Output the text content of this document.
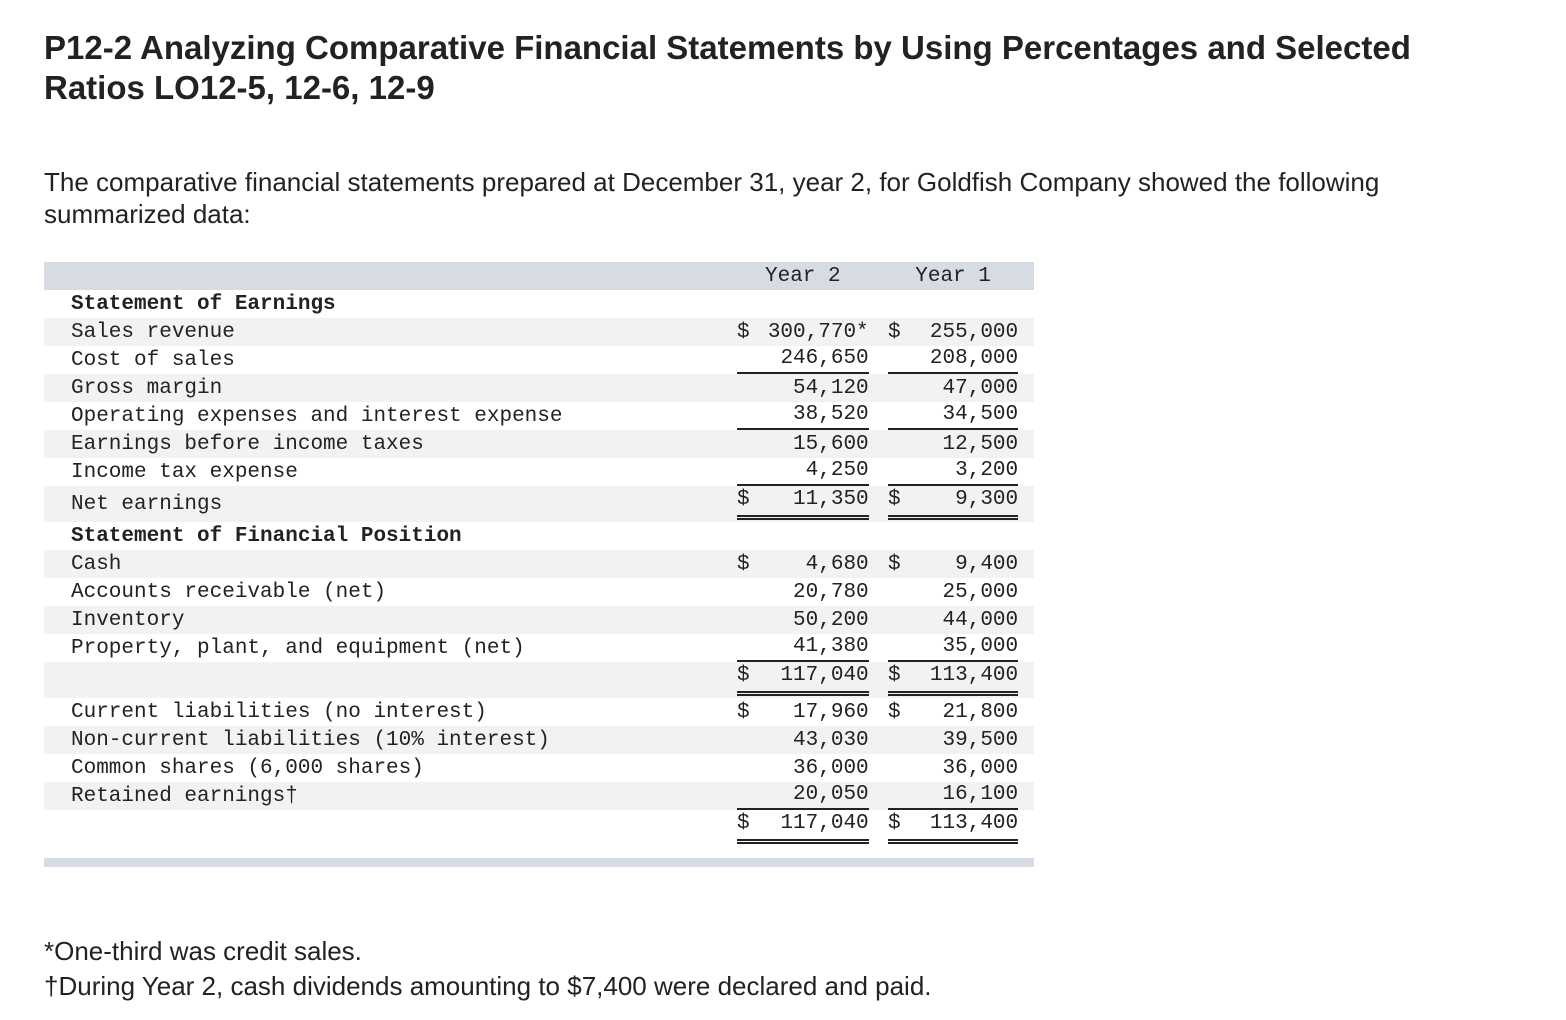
P12-2 Analyzing Comparative Financial Statements by Using Percentages and Selected Ratios LO12-5, 12-6, 12-9
The comparative financial statements prepared at December 31, year 2, for Goldfish Company showed the following summarized data:
		Year 2		Year 1	
Statement of Earnings					
Sales revenue		$ 300,770*		$ 255,000	

Cost of sales		246,650		208,000	

Gross margin		54,120		47,000	

Operating expenses and interest expense		38,520		34,500	

Earnings before income taxes		15,600		12,500	

Income tax expense		4,250		3,200	

Net earnings		$ 11,350		$ 9,300	

Statement of Financial Position					
Cash		$ 4,680		$ 9,400	

Accounts receivable (net)		20,780		25,000	

Inventory		50,200		44,000	

Property, plant, and equipment (net)		41,380		35,000	

		$ 117,040		$ 113,400	

Current liabilities (no interest)		$ 17,960		$ 21,800	

Non-current liabilities (10% interest)		43,030		39,500	

Common shares (6,000 shares)		36,000		36,000	

Retained earnings†		20,050		16,100	

		$ 117,040		$ 113,400	

*One-third was credit sales.
†During Year 2, cash dividends amounting to $7,400 were declared and paid.
